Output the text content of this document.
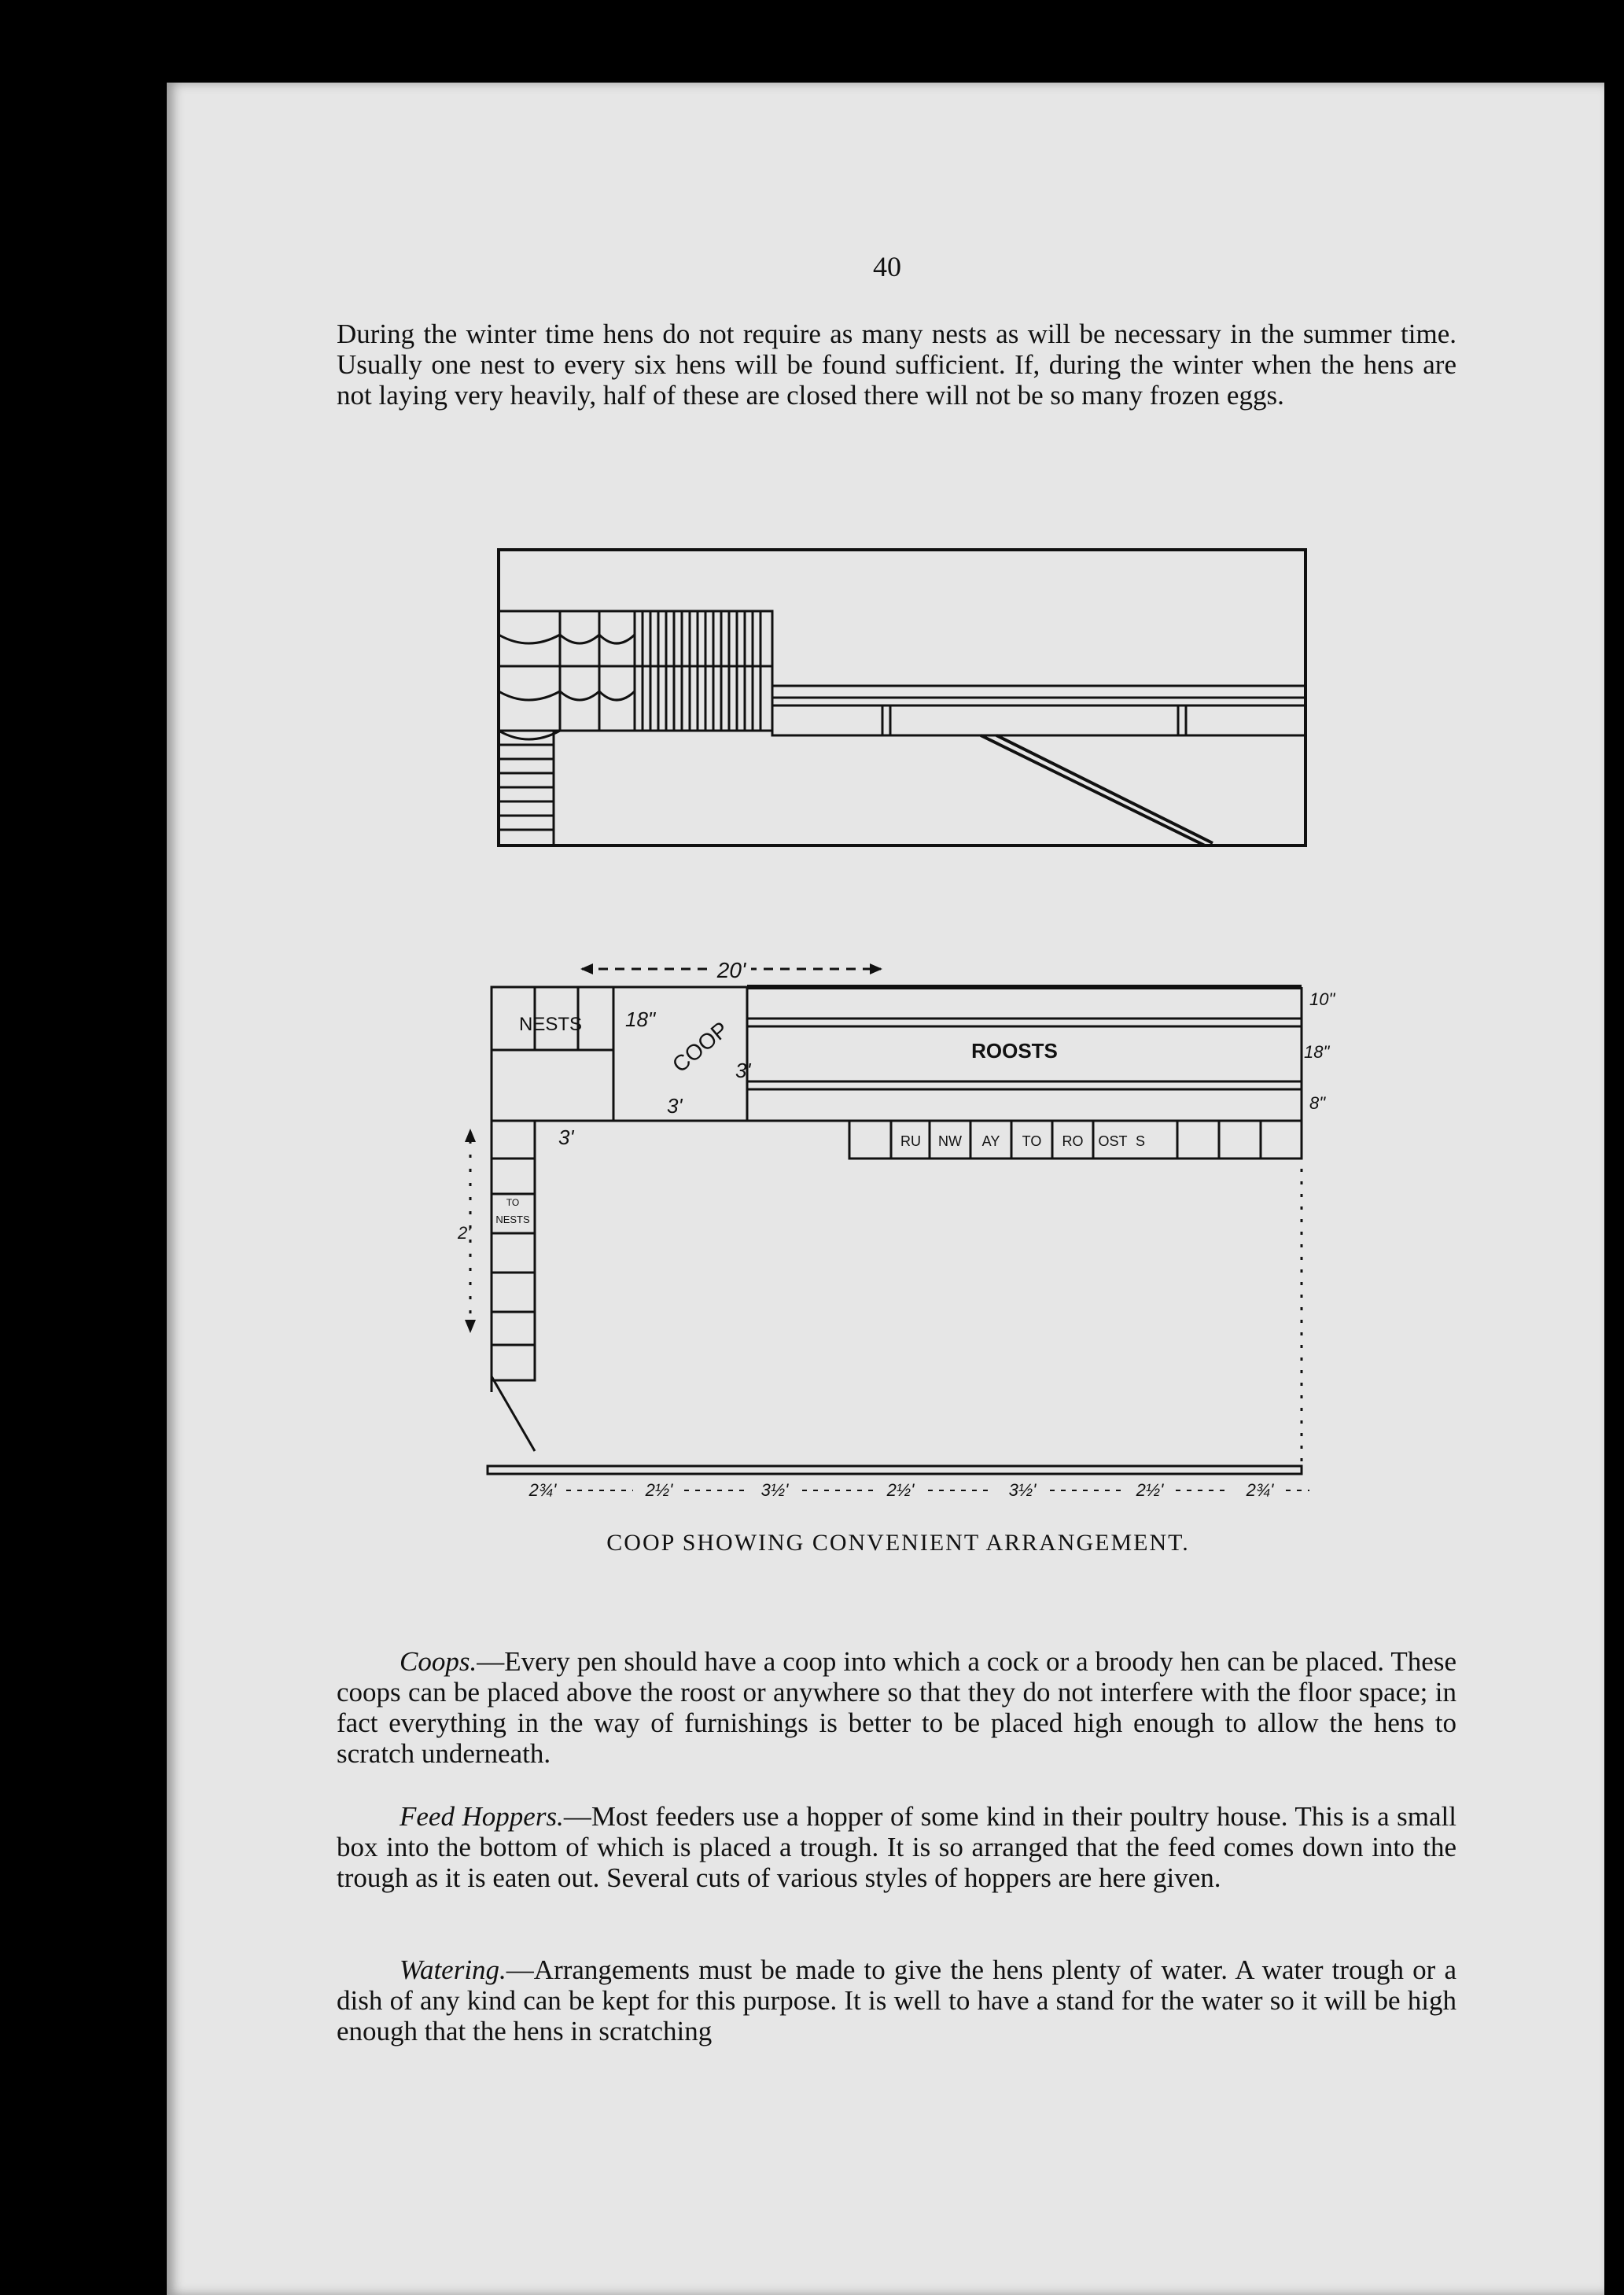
40

During the winter time hens do not require as many nests as will be necessary in the summer time. Usually one nest to every six hens will be found sufficient. If, during the winter when the hens are not laying very heavily, half of these are closed there will not be so many frozen eggs.

20'
NESTS 18" COOP 3'
3'
3'
ROOSTS
10"
18"
8"
RU NW AY TO RO OST S
TO
NESTS
2'
2¾'	2½'	3½'	2½'	3½'	2½'	2¾'
COOP SHOWING CONVENIENT ARRANGEMENT.

Coops.—Every pen should have a coop into which a cock or a broody hen can be placed. These coops can be placed above the roost or anywhere so that they do not interfere with the floor space; in fact everything in the way of furnishings is better to be placed high enough to allow the hens to scratch underneath.

Feed Hoppers.—Most feeders use a hopper of some kind in their poultry house. This is a small box into the bottom of which is placed a trough. It is so arranged that the feed comes down into the trough as it is eaten out. Several cuts of various styles of hoppers are here given.

Watering.—Arrangements must be made to give the hens plenty of water. A water trough or a dish of any kind can be kept for this purpose. It is well to have a stand for the water so it will be high enough that the hens in scratching
